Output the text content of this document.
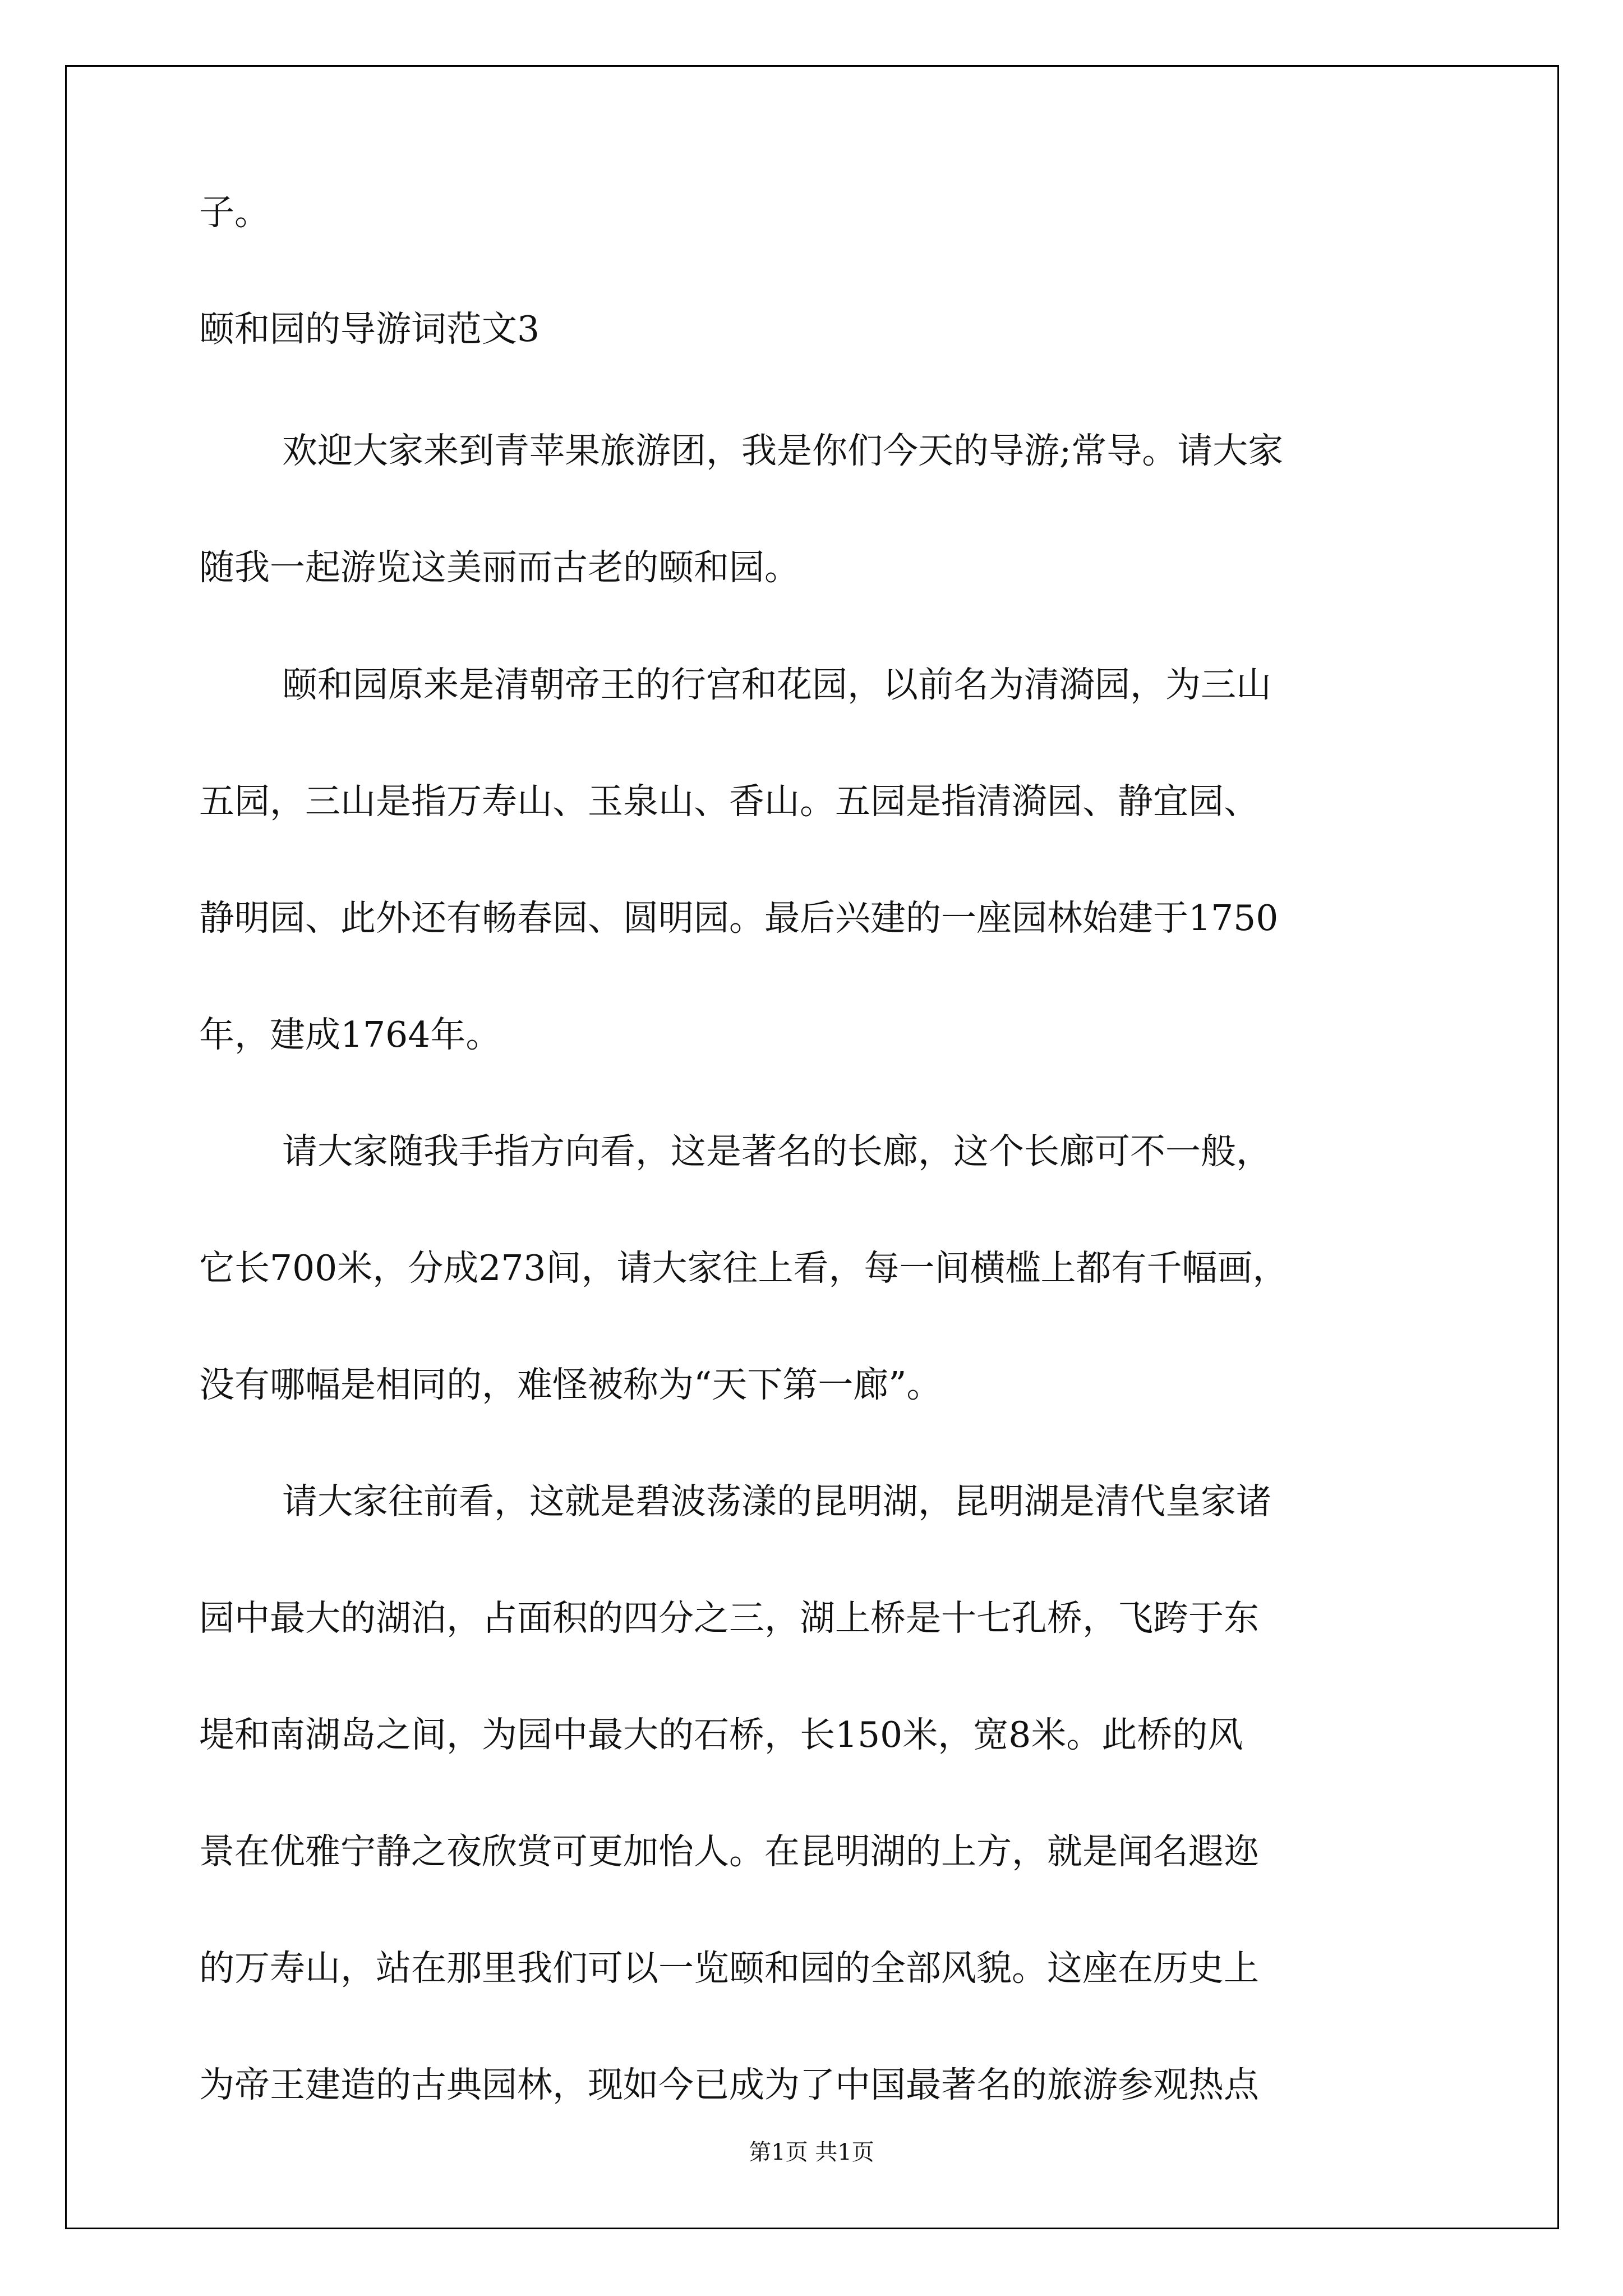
子。
颐和园的导游词范文3
欢迎大家来到青苹果旅游团，我是你们今天的导游;常导。请大家
随我一起游览这美丽而古老的颐和园。
颐和园原来是清朝帝王的行宫和花园，以前名为清漪园，为三山
五园，三山是指万寿山、玉泉山、香山。五园是指清漪园、静宜园、
静明园、此外还有畅春园、圆明园。最后兴建的一座园林始建于1750
年，建成1764年。
请大家随我手指方向看，这是著名的长廊，这个长廊可不一般，
它长700米，分成273间，请大家往上看，每一间横槛上都有千幅画，
没有哪幅是相同的，难怪被称为“天下第一廊”。
请大家往前看，这就是碧波荡漾的昆明湖，昆明湖是清代皇家诸
园中最大的湖泊，占面积的四分之三，湖上桥是十七孔桥，飞跨于东
堤和南湖岛之间，为园中最大的石桥，长150米，宽8米。此桥的风
景在优雅宁静之夜欣赏可更加怡人。在昆明湖的上方，就是闻名遐迩
的万寿山，站在那里我们可以一览颐和园的全部风貌。这座在历史上
为帝王建造的古典园林，现如今已成为了中国最著名的旅游参观热点
第1页 共1页
